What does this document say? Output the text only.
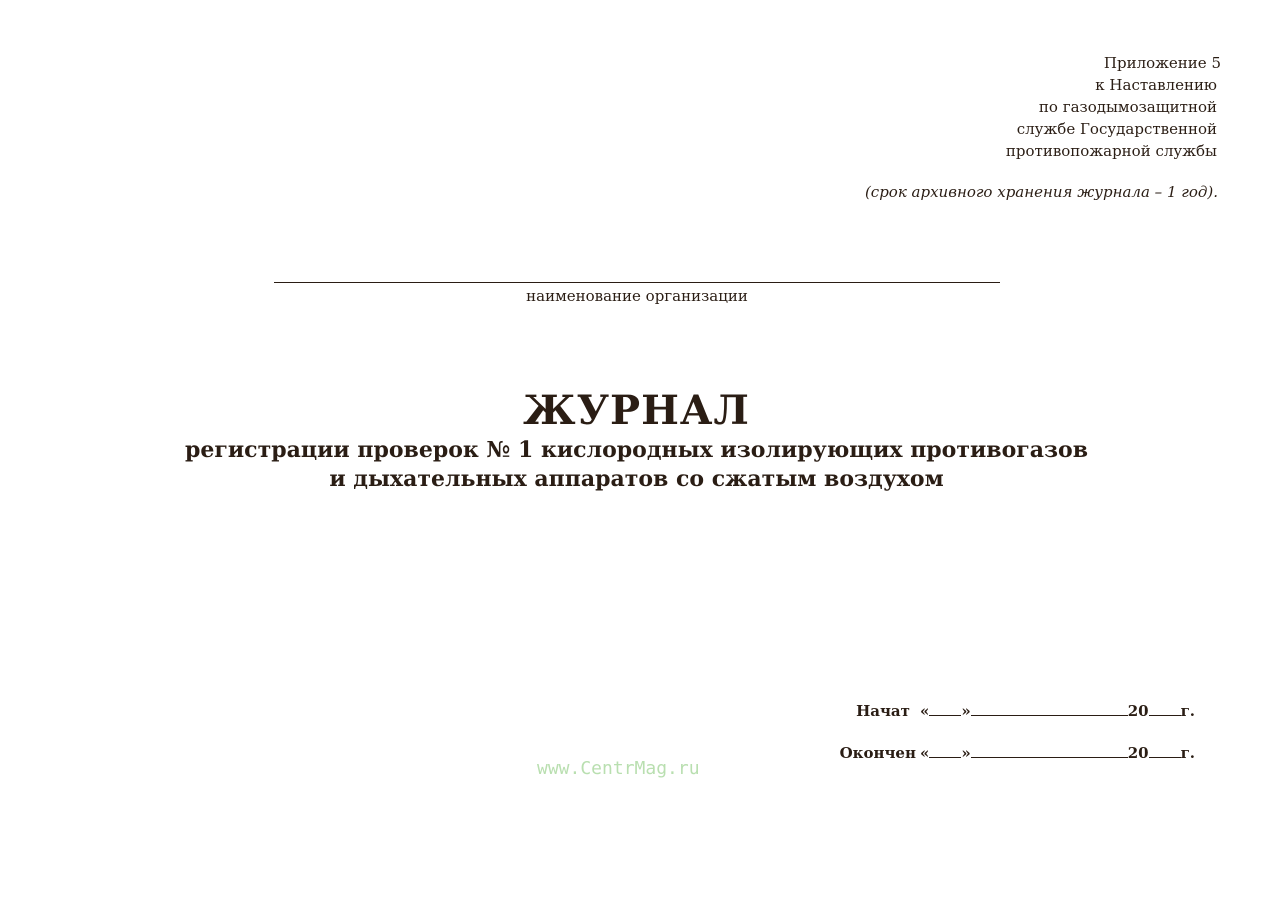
Приложение 5
к Наставлению
по газодымозащитной
службе Государственной
противопожарной службы
(срок архивного хранения журнала – 1 год).
наименование организации
ЖУРНАЛ
регистрации проверок № 1 кислородных изолирующих противогазов
и дыхательных аппаратов со сжатым воздухом
Начат « »	20 г.
Окончен « »	20 г.
www.CentrMag.ru
